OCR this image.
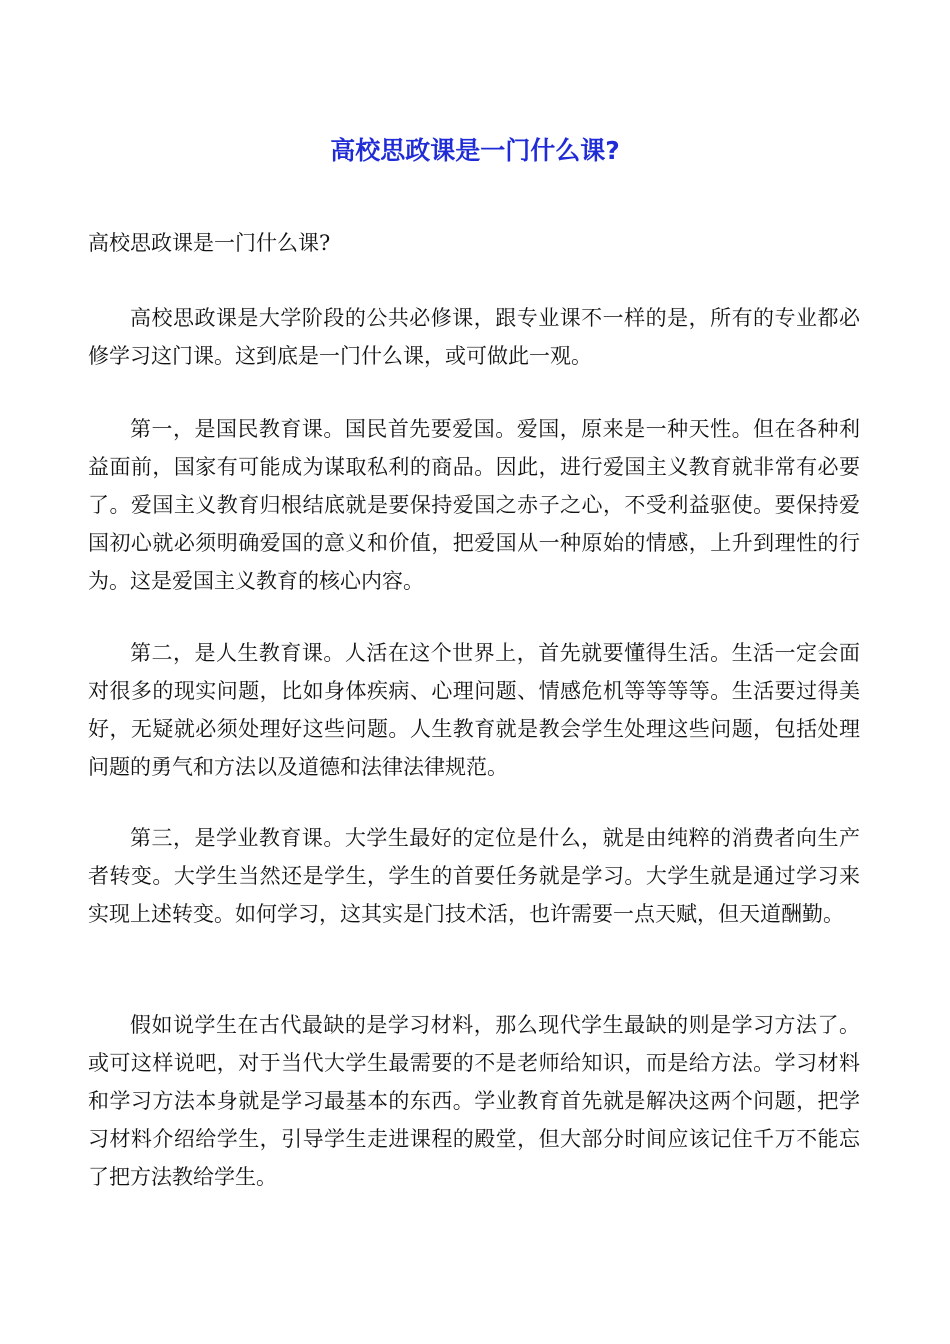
高校思政课是一门什么课?

高校思政课是一门什么课?

高校思政课是大学阶段的公共必修课，跟专业课不一样的是，所有的专业都必修学习这门课。这到底是一门什么课，或可做此一观。

第一，是国民教育课。国民首先要爱国。爱国，原来是一种天性。但在各种利益面前，国家有可能成为谋取私利的商品。因此，进行爱国主义教育就非常有必要了。爱国主义教育归根结底就是要保持爱国之赤子之心，不受利益驱使。要保持爱国初心就必须明确爱国的意义和价值，把爱国从一种原始的情感，上升到理性的行为。这是爱国主义教育的核心内容。

第二，是人生教育课。人活在这个世界上，首先就要懂得生活。生活一定会面对很多的现实问题，比如身体疾病、心理问题、情感危机等等等等。生活要过得美好，无疑就必须处理好这些问题。人生教育就是教会学生处理这些问题，包括处理问题的勇气和方法以及道德和法律法律规范。

第三，是学业教育课。大学生最好的定位是什么，就是由纯粹的消费者向生产者转变。大学生当然还是学生，学生的首要任务就是学习。大学生就是通过学习来实现上述转变。如何学习，这其实是门技术活，也许需要一点天赋，但天道酬勤。

假如说学生在古代最缺的是学习材料，那么现代学生最缺的则是学习方法了。或可这样说吧，对于当代大学生最需要的不是老师给知识，而是给方法。学习材料和学习方法本身就是学习最基本的东西。学业教育首先就是解决这两个问题，把学习材料介绍给学生，引导学生走进课程的殿堂，但大部分时间应该记住千万不能忘了把方法教给学生。
